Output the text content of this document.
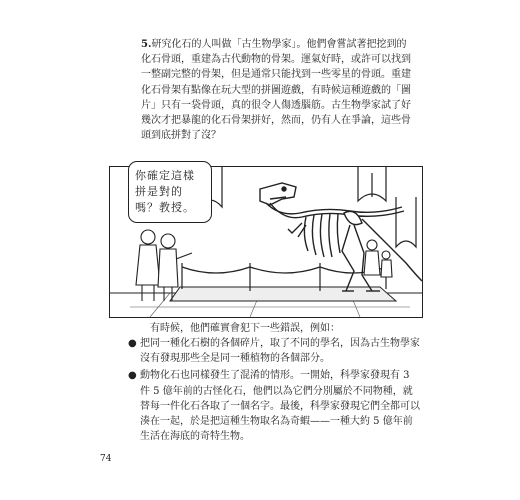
5.研究化石的人叫做「古生物學家」。他們會嘗試著把挖到的化石骨頭，重建為古代動物的骨架。運氣好時，或許可以找到一整副完整的骨架，但是通常只能找到一些零星的骨頭。重建化石骨架有點像在玩大型的拼圖遊戲，有時候這種遊戲的「圖片」只有一袋骨頭，真的很令人傷透腦筋。古生物學家試了好幾次才把暴龍的化石骨架拼好，然而，仍有人在爭論，這些骨頭到底拼對了沒？

你確定這樣拼是對的嗎？教授。

有時候，他們確實會犯下一些錯誤，例如：

● 把同一種化石樹的各個碎片，取了不同的學名，因為古生物學家沒有發現那些全是同一種植物的各個部分。

● 動物化石也同樣發生了混淆的情形。一開始，科學家發現有 3 件 5 億年前的古怪化石，他們以為它們分別屬於不同物種，就替每一件化石各取了一個名字。最後，科學家發現它們全都可以湊在一起，於是把這種生物取名為奇蝦——一種大約 5 億年前生活在海底的奇特生物。

74
